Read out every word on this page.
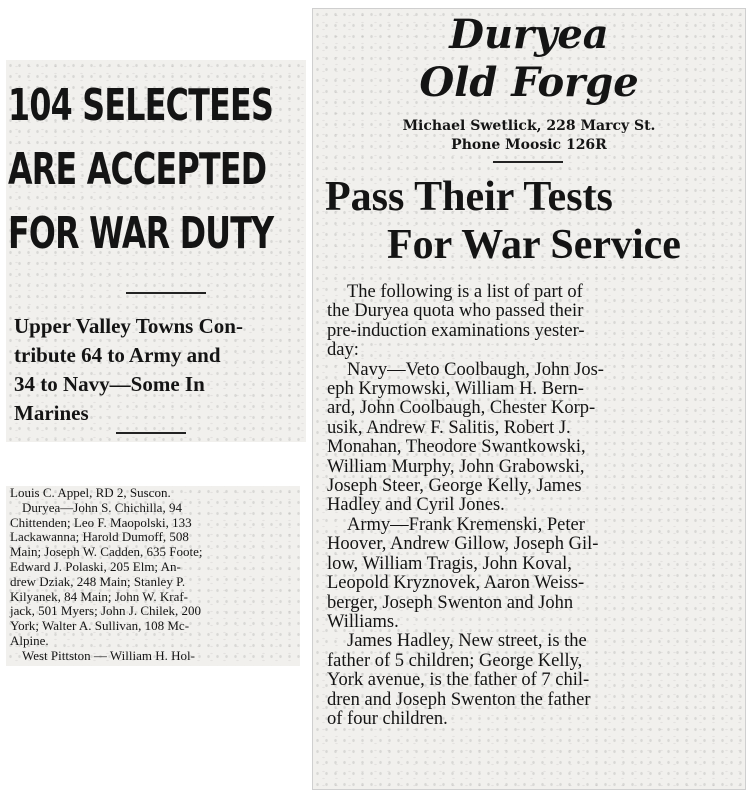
104 SELECTEES
ARE ACCEPTED
FOR WAR DUTY
Upper Valley Towns Con-
tribute 64 to Army and
34 to Navy—Some In
Marines
Louis C. Appel, RD 2, Suscon.
Duryea—John S. Chichilla, 94
Chittenden; Leo F. Maopolski, 133
Lackawanna; Harold Dumoff, 508
Main; Joseph W. Cadden, 635 Foote;
Edward J. Polaski, 205 Elm; An-
drew Dziak, 248 Main; Stanley P.
Kilyanek, 84 Main; John W. Kraf-
jack, 501 Myers; John J. Chilek, 200
York; Walter A. Sullivan, 108 Mc-
Alpine.
West Pittston — William H. Hol-
Duryea
Old Forge
Michael Swetlick, 228 Marcy St.
Phone Moosic 126R
Pass Their Tests
For War Service
The following is a list of part of
the Duryea quota who passed their
pre-induction examinations yester-
day:
Navy—Veto Coolbaugh, John Jos-
eph Krymowski, William H. Bern-
ard, John Coolbaugh, Chester Korp-
usik, Andrew F. Salitis, Robert J.
Monahan, Theodore Swantkowski,
William Murphy, John Grabowski,
Joseph Steer, George Kelly, James
Hadley and Cyril Jones.
Army—Frank Kremenski, Peter
Hoover, Andrew Gillow, Joseph Gil-
low, William Tragis, John Koval,
Leopold Kryznovek, Aaron Weiss-
berger, Joseph Swenton and John
Williams.
James Hadley, New street, is the
father of 5 children; George Kelly,
York avenue, is the father of 7 chil-
dren and Joseph Swenton the father
of four children.
